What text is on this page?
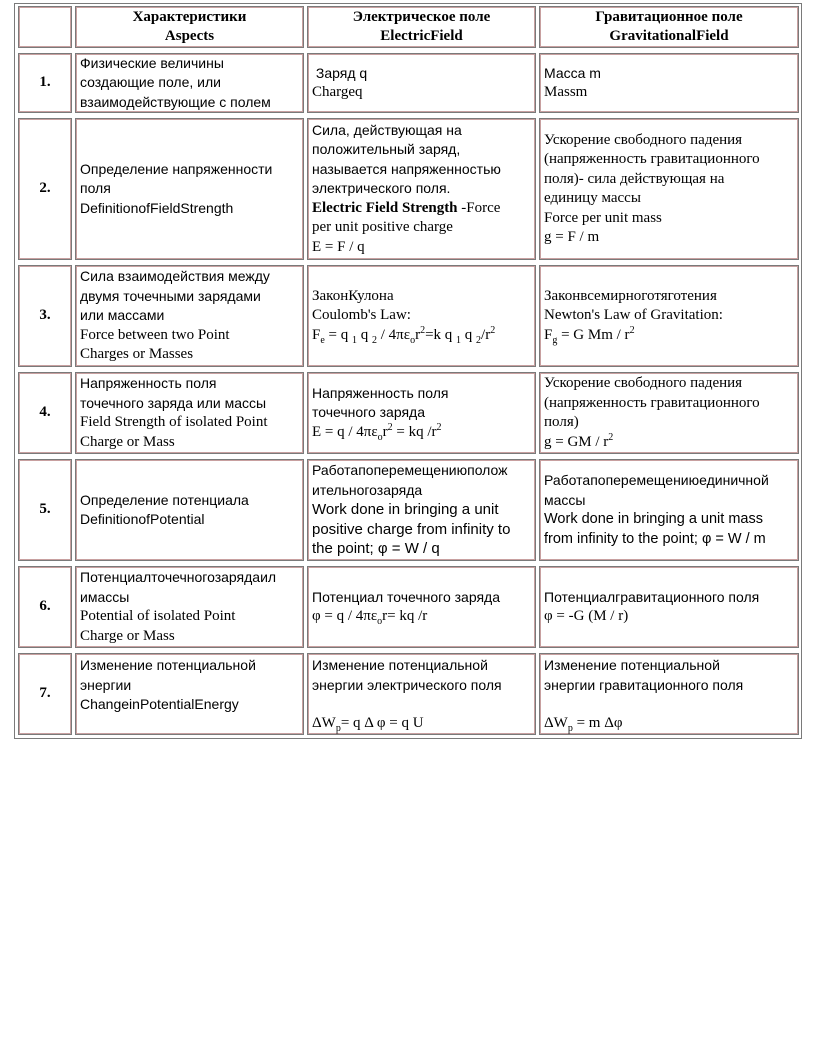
Характеристики
Aspects
Электрическое поле
ElectricField
Гравитационное поле
GravitationalField
1.
Физические величины
создающие поле, или
взаимодействующие с полем
Заряд q
Chargeq
Масса m
Massm
2.
Определение напряженности
поля
DefinitionofFieldStrength
Сила, действующая на
положительный заряд,
называется напряженностью
электрического поля.
Electric Field Strength -Force
per unit positive charge
E = F / q
Ускорение свободного падения
(напряженность гравитационного
поля)- сила действующая на
единицу массы
Force per unit mass
g = F / m
3.
Сила взаимодействия между
двумя точечными зарядами
или массами
Force between two Point
Charges or Masses
ЗаконКулона
Coulomb's Law:
$F_e = q$ $_1$ q $_2 / 4\pi\varepsilon_or^2=k$ q $_1$ q $_2/r^2$
Законвсемирноготяготения
Newton's Law of Gravitation:
$F_g = G$ Mm / $r^2$
4.
Напряженность поля
точечного заряда или массы
Field Strength of isolated Point
Charge or Mass
Напряженность поля
точечного заряда
$E = q / 4\pi\varepsilon_or^2$ = kq $/r^2$
Ускорение свободного падения
(напряженность гравитационного
поля)
g = GM / $r^2$
5.
Определение потенциала
DefinitionofPotential
Работапоперемещениюполож
ительногозаряда
Work done in bringing a unit
positive charge from infinity to
the point; φ = W / q
Работапоперемещениюединичной
массы
Work done in bringing a unit mass
from infinity to the point; φ = W / m
6.
Потенциалточечногозарядаил
имассы
Potential of isolated Point
Charge or Mass
Потенциал точечного заряда
$\varphi = q / 4\pi\varepsilon_or=$ kq /r
Потенциалгравитационного поля
φ = -G (M / r)
7.
Изменение потенциальной
энергии
ChangeinPotentialEnergy
Изменение потенциальной
энергии электрического поля
$\Delta W_p= q$ Δ φ = q U
Изменение потенциальной
энергии гравитационного поля
$\Delta W_p = m$ Δφ
